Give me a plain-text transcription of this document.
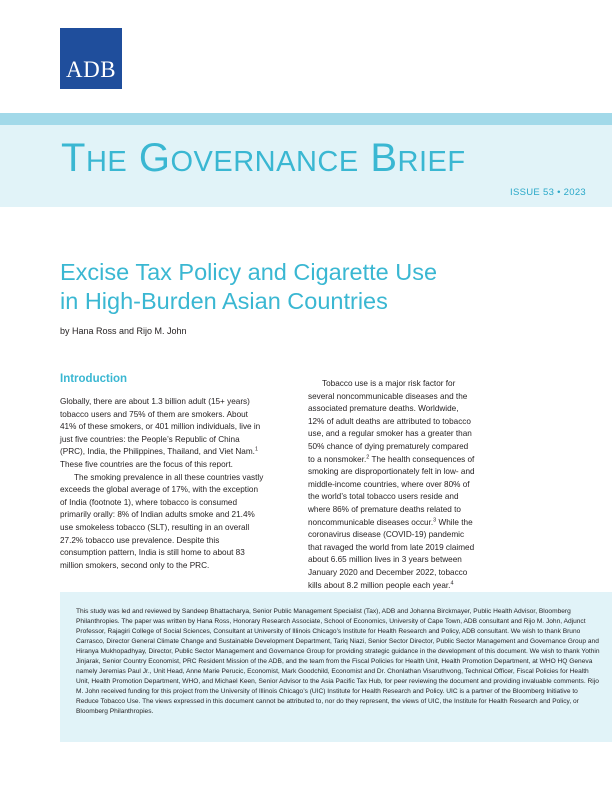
ADB
THE GOVERNANCE BRIEF
ISSUE 53 • 2023
Excise Tax Policy and Cigarette Use
in High-Burden Asian Countries
by Hana Ross and Rijo M. John
Introduction

Globally, there are about 1.3 billion adult (15+ years) tobacco users and 75% of them are smokers. About 41% of these smokers, or 401 million individuals, live in just five countries: the People’s Republic of China (PRC), India, the Philippines, Thailand, and Viet Nam.$^1$ These five countries are the focus of this report.

The smoking prevalence in all these countries vastly exceeds the global average of 17%, with the exception of India (footnote 1), where tobacco is consumed primarily orally: 8% of Indian adults smoke and 21.4% use smokeless tobacco (SLT), resulting in an overall 27.2% tobacco use prevalence. Despite this consumption pattern, India is still home to about 83 million smokers, second only to the PRC.

Tobacco use is a major risk factor for several noncommunicable diseases and the associated premature deaths. Worldwide, 12% of adult deaths are attributed to tobacco use, and a regular smoker has a greater than 50% chance of dying prematurely compared to a nonsmoker.$^2$ The health consequences of smoking are disproportionately felt in low- and middle-income countries, where over 80% of the world’s total tobacco users reside and where 86% of premature deaths related to noncommunicable diseases occur.$^3$ While the coronavirus disease (COVID-19) pandemic that ravaged the world from late 2019 claimed about 6.65 million lives in 3 years between January 2020 and December 2022, tobacco kills about 8.2 million people each year.$^4$

This study was led and reviewed by Sandeep Bhattacharya, Senior Public Management Specialist (Tax), ADB and Johanna Birckmayer, Public Health Advisor, Bloomberg Philanthropies. The paper was written by Hana Ross, Honorary Research Associate, School of Economics, University of Cape Town, ADB consultant and Rijo M. John, Adjunct Professor, Rajagiri College of Social Sciences, Consultant at University of Illinois Chicago’s Institute for Health Research and Policy, ADB consultant. We wish to thank Bruno Carrasco, Director General Climate Change and Sustainable Development Department, Tariq Niazi, Senior Sector Director, Public Sector Management and Governance Group and Hiranya Mukhopadhyay, Director, Public Sector Management and Governance Group for providing strategic guidance in the development of this document. We wish to thank Yothin Jinjarak, Senior Country Economist, PRC Resident Mission of the ADB, and the team from the Fiscal Policies for Health Unit, Health Promotion Department, at WHO HQ Geneva namely Jeremias Paul Jr., Unit Head, Anne Marie Perucic, Economist, Mark Goodchild, Economist and Dr. Chonlathan Visaruthvong, Technical Officer, Fiscal Policies for Health Unit, Health Promotion Department, WHO, and Michael Keen, Senior Advisor to the Asia Pacific Tax Hub, for peer reviewing the document and providing invaluable comments. Rijo M. John received funding for this project from the University of Illinois Chicago’s (UIC) Institute for Health Research and Policy. UIC is a partner of the Bloomberg Initiative to Reduce Tobacco Use. The views expressed in this document cannot be attributed to, nor do they represent, the views of UIC, the Institute for Health Research and Policy, or Bloomberg Philanthropies.
